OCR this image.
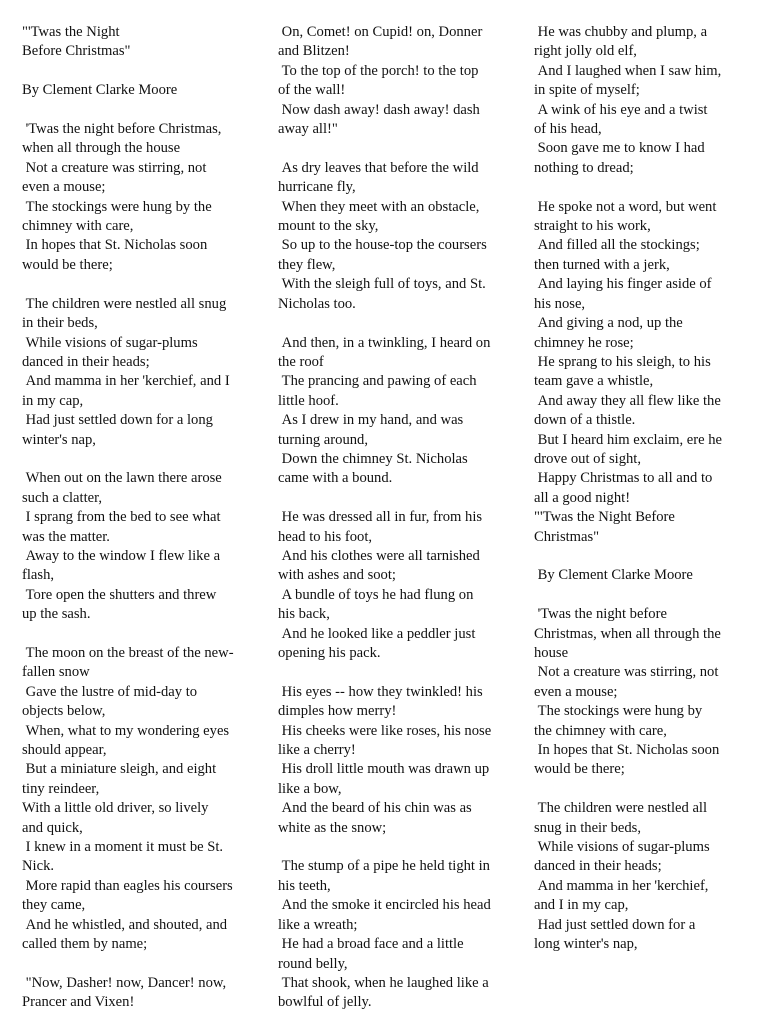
"'Twas the Night
Before Christmas"

By Clement Clarke Moore

'Twas the night before Christmas,
when all through the house
Not a creature was stirring, not
even a mouse;
The stockings were hung by the
chimney with care,
In hopes that St. Nicholas soon
would be there;

The children were nestled all snug
in their beds,
While visions of sugar-plums
danced in their heads;
And mamma in her 'kerchief, and I
in my cap,
Had just settled down for a long
winter's nap,

When out on the lawn there arose
such a clatter,
I sprang from the bed to see what
was the matter.
Away to the window I flew like a
flash,
Tore open the shutters and threw
up the sash.

The moon on the breast of the new-
fallen snow
Gave the lustre of mid-day to
objects below,
When, what to my wondering eyes
should appear,
But a miniature sleigh, and eight
tiny reindeer,
With a little old driver, so lively
and quick,
I knew in a moment it must be St.
Nick.
More rapid than eagles his coursers
they came,
And he whistled, and shouted, and
called them by name;

"Now, Dasher! now, Dancer! now,
Prancer and Vixen!
On, Comet! on Cupid! on, Donner
and Blitzen!
To the top of the porch! to the top
of the wall!
Now dash away! dash away! dash
away all!"

As dry leaves that before the wild
hurricane fly,
When they meet with an obstacle,
mount to the sky,
So up to the house-top the coursers
they flew,
With the sleigh full of toys, and St.
Nicholas too.

And then, in a twinkling, I heard on
the roof
The prancing and pawing of each
little hoof.
As I drew in my hand, and was
turning around,
Down the chimney St. Nicholas
came with a bound.

He was dressed all in fur, from his
head to his foot,
And his clothes were all tarnished
with ashes and soot;
A bundle of toys he had flung on
his back,
And he looked like a peddler just
opening his pack.

His eyes -- how they twinkled! his
dimples how merry!
His cheeks were like roses, his nose
like a cherry!
His droll little mouth was drawn up
like a bow,
And the beard of his chin was as
white as the snow;

The stump of a pipe he held tight in
his teeth,
And the smoke it encircled his head
like a wreath;
He had a broad face and a little
round belly,
That shook, when he laughed like a
bowlful of jelly.
He was chubby and plump, a
right jolly old elf,
And I laughed when I saw him,
in spite of myself;
A wink of his eye and a twist
of his head,
Soon gave me to know I had
nothing to dread;

He spoke not a word, but went
straight to his work,
And filled all the stockings;
then turned with a jerk,
And laying his finger aside of
his nose,
And giving a nod, up the
chimney he rose;
He sprang to his sleigh, to his
team gave a whistle,
And away they all flew like the
down of a thistle.
But I heard him exclaim, ere he
drove out of sight,
Happy Christmas to all and to
all a good night!
"'Twas the Night Before
Christmas"

By Clement Clarke Moore

'Twas the night before
Christmas, when all through the
house
Not a creature was stirring, not
even a mouse;
The stockings were hung by
the chimney with care,
In hopes that St. Nicholas soon
would be there;

The children were nestled all
snug in their beds,
While visions of sugar-plums
danced in their heads;
And mamma in her 'kerchief,
and I in my cap,
Had just settled down for a
long winter's nap,
